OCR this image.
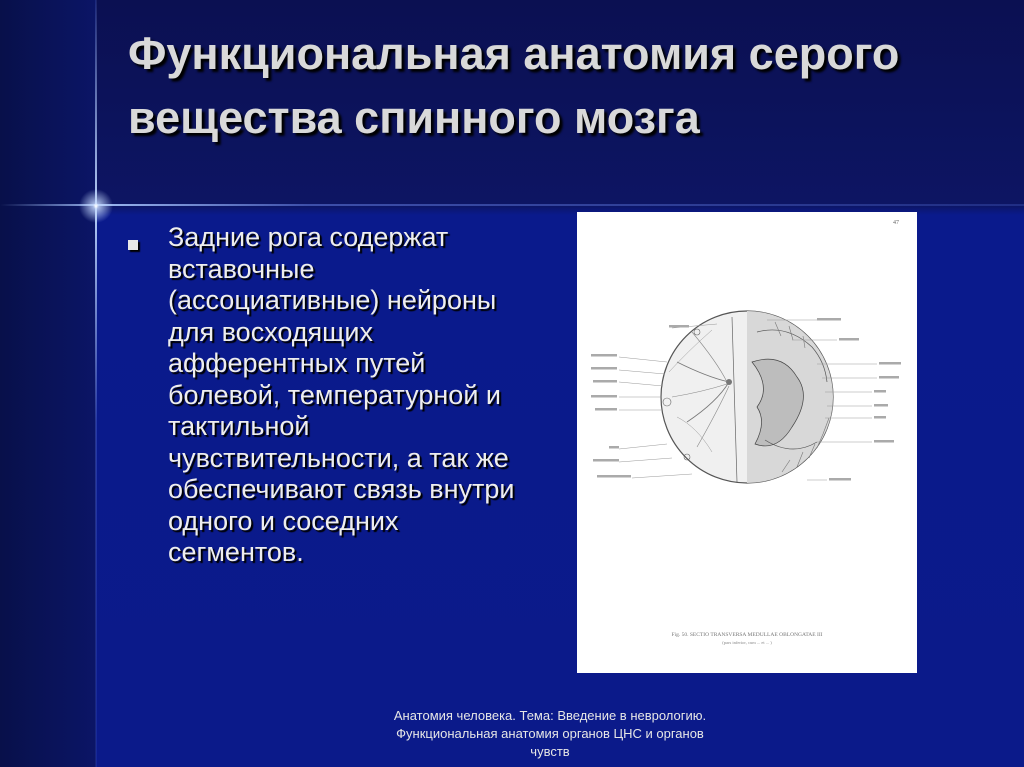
Функциональная анатомия серого вещества спинного мозга

Задние рога содержат вставочные (ассоциативные) нейроны для восходящих афферентных путей болевой, температурной и тактильной чувствительности, а так же обеспечивают связь внутри одного и соседних сегментов.

47
Fig. 50. SECTIO TRANSVERSA MEDULLAE OBLONGATAE III
(pars inferior, cum ... et ... )
Анатомия человека. Тема: Введение в неврологию. Функциональная анатомия органов ЦНС и органов чувств
